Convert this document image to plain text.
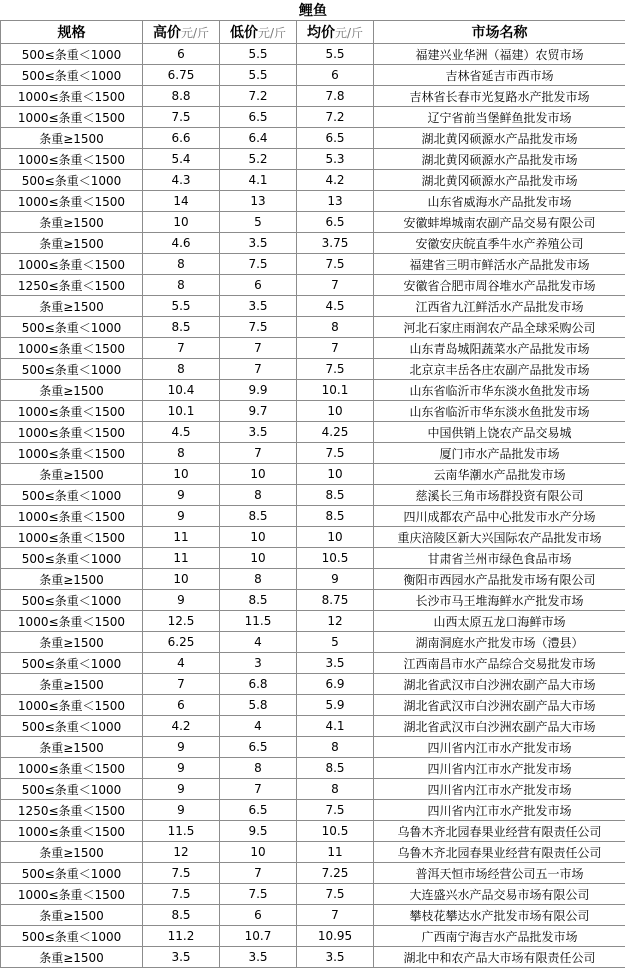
鲤鱼				
规格	高价元/斤	低价元/斤	均价元/斤	市场名称
500≤条重＜1000	6	5.5	5.5	福建兴业华洲（福建）农贸市场
500≤条重＜1000	6.75	5.5	6	吉林省延吉市西市场
1000≤条重＜1500	8.8	7.2	7.8	吉林省长春市光复路水产批发市场
1000≤条重＜1500	7.5	6.5	7.2	辽宁省前当堡鲜鱼批发市场
条重≥1500	6.6	6.4	6.5	湖北黄冈硕源水产品批发市场
1000≤条重＜1500	5.4	5.2	5.3	湖北黄冈硕源水产品批发市场
500≤条重＜1000	4.3	4.1	4.2	湖北黄冈硕源水产品批发市场
1000≤条重＜1500	14	13	13	山东省威海水产品批发市场
条重≥1500	10	5	6.5	安徽蚌埠城南农副产品交易有限公司
条重≥1500	4.6	3.5	3.75	安徽安庆皖直季牛水产养殖公司
1000≤条重＜1500	8	7.5	7.5	福建省三明市鲜活水产品批发市场
1250≤条重＜1500	8	6	7	安徽省合肥市周谷堆水产品批发市场
条重≥1500	5.5	3.5	4.5	江西省九江鲜活水产品批发市场
500≤条重＜1000	8.5	7.5	8	河北石家庄雨润农产品全球采购公司
1000≤条重＜1500	7	7	7	山东青岛城阳蔬菜水产品批发市场
500≤条重＜1000	8	7	7.5	北京京丰岳各庄农副产品批发市场
条重≥1500	10.4	9.9	10.1	山东省临沂市华东淡水鱼批发市场
1000≤条重＜1500	10.1	9.7	10	山东省临沂市华东淡水鱼批发市场
1000≤条重＜1500	4.5	3.5	4.25	中国供销上饶农产品交易城
1000≤条重＜1500	8	7	7.5	厦门市水产品批发市场
条重≥1500	10	10	10	云南华潮水产品批发市场
500≤条重＜1000	9	8	8.5	慈溪长三角市场群投资有限公司
1000≤条重＜1500	9	8.5	8.5	四川成都农产品中心批发市水产分场
1000≤条重＜1500	11	10	10	重庆涪陵区新大兴国际农产品批发市场
500≤条重＜1000	11	10	10.5	甘肃省兰州市绿色食品市场
条重≥1500	10	8	9	衡阳市西园水产品批发市场有限公司
500≤条重＜1000	9	8.5	8.75	长沙市马王堆海鲜水产批发市场
1000≤条重＜1500	12.5	11.5	12	山西太原五龙口海鲜市场
条重≥1500	6.25	4	5	湖南洞庭水产批发市场（澧县）
500≤条重＜1000	4	3	3.5	江西南昌市水产品综合交易批发市场
条重≥1500	7	6.8	6.9	湖北省武汉市白沙洲农副产品大市场
1000≤条重＜1500	6	5.8	5.9	湖北省武汉市白沙洲农副产品大市场
500≤条重＜1000	4.2	4	4.1	湖北省武汉市白沙洲农副产品大市场
条重≥1500	9	6.5	8	四川省内江市水产批发市场
1000≤条重＜1500	9	8	8.5	四川省内江市水产批发市场
500≤条重＜1000	9	7	8	四川省内江市水产批发市场
1250≤条重＜1500	9	6.5	7.5	四川省内江市水产批发市场
1000≤条重＜1500	11.5	9.5	10.5	乌鲁木齐北园春果业经营有限责任公司
条重≥1500	12	10	11	乌鲁木齐北园春果业经营有限责任公司
500≤条重＜1000	7.5	7	7.25	普洱天恒市场经营公司五一市场
1000≤条重＜1500	7.5	7.5	7.5	大连盛兴水产品交易市场有限公司
条重≥1500	8.5	6	7	攀枝花攀达水产批发市场有限公司
500≤条重＜1000	11.2	10.7	10.95	广西南宁海吉水产品批发市场
条重≥1500	3.5	3.5	3.5	湖北中和农产品大市场有限责任公司
